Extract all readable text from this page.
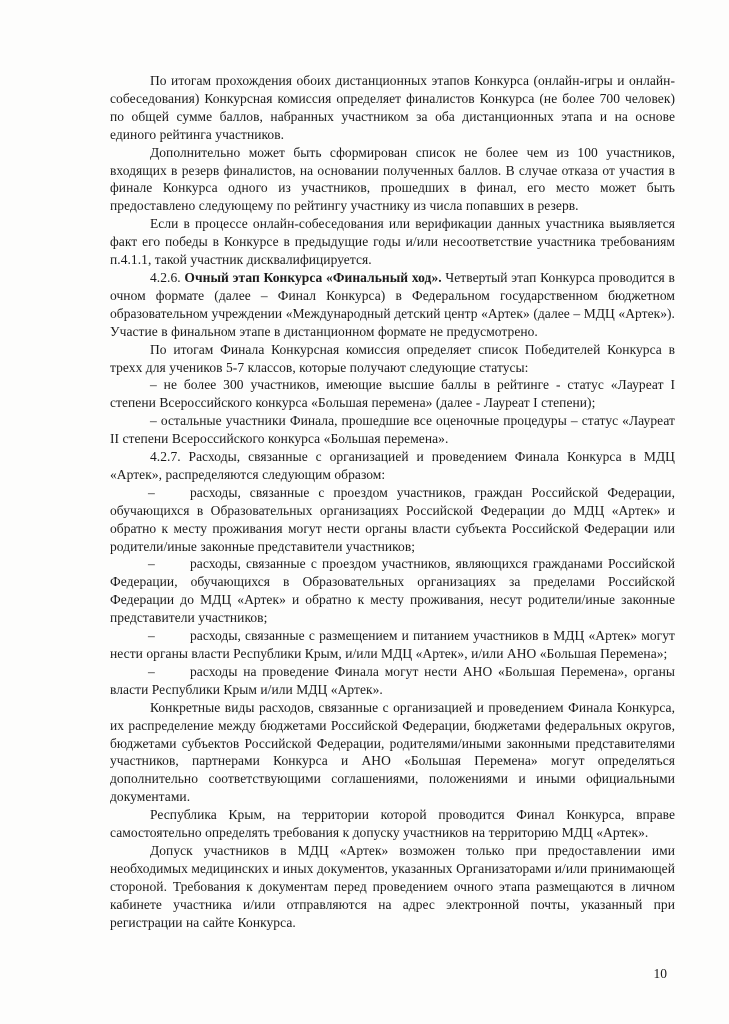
По итогам прохождения обоих дистанционных этапов Конкурса (онлайн-игры и онлайн-собеседования) Конкурсная комиссия определяет финалистов Конкурса (не более 700 человек) по общей сумме баллов, набранных участником за оба дистанционных этапа и на основе единого рейтинга участников.

Дополнительно может быть сформирован список не более чем из 100 участников, входящих в резерв финалистов, на основании полученных баллов. В случае отказа от участия в финале Конкурса одного из участников, прошедших в финал, его место может быть предоставлено следующему по рейтингу участнику из числа попавших в резерв.

Если в процессе онлайн-собеседования или верификации данных участника выявляется факт его победы в Конкурсе в предыдущие годы и/или несоответствие участника требованиям п.4.1.1, такой участник дисквалифицируется.

4.2.6. Очный этап Конкурса «Финальный ход». Четвертый этап Конкурса проводится в очном формате (далее – Финал Конкурса) в Федеральном государственном бюджетном образовательном учреждении «Международный детский центр «Артек» (далее – МДЦ «Артек»). Участие в финальном этапе в дистанционном формате не предусмотрено.

По итогам Финала Конкурсная комиссия определяет список Победителей Конкурса в трехх для учеников 5-7 классов, которые получают следующие статусы:

– не более 300 участников, имеющие высшие баллы в рейтинге - статус «Лауреат I степени Всероссийского конкурса «Большая перемена» (далее - Лауреат I степени);

– остальные участники Финала, прошедшие все оценочные процедуры – статус «Лауреат II степени Всероссийского конкурса «Большая перемена».

4.2.7. Расходы, связанные с организацией и проведением Финала Конкурса в МДЦ «Артек», распределяются следующим образом:

–	расходы, связанные с проездом участников, граждан Российской Федерации, обучающихся в Образовательных организациях Российской Федерации до МДЦ «Артек» и обратно к месту проживания могут нести органы власти субъекта Российской Федерации или родители/иные законные представители участников;

–	расходы, связанные с проездом участников, являющихся гражданами Российской Федерации, обучающихся в Образовательных организациях за пределами Российской Федерации до МДЦ «Артек» и обратно к месту проживания, несут родители/иные законные представители участников;

–	расходы, связанные с размещением и питанием участников в МДЦ «Артек» могут нести органы власти Республики Крым, и/или МДЦ «Артек», и/или АНО «Большая Перемена»;

–	расходы на проведение Финала могут нести АНО «Большая Перемена», органы власти Республики Крым и/или МДЦ «Артек».

Конкретные виды расходов, связанные с организацией и проведением Финала Конкурса, их распределение между бюджетами Российской Федерации, бюджетами федеральных округов, бюджетами субъектов Российской Федерации, родителями/иными законными представителями участников, партнерами Конкурса и АНО «Большая Перемена» могут определяться дополнительно соответствующими соглашениями, положениями и иными официальными документами.

Республика Крым, на территории которой проводится Финал Конкурса, вправе самостоятельно определять требования к допуску участников на территорию МДЦ «Артек».

Допуск участников в МДЦ «Артек» возможен только при предоставлении ими необходимых медицинских и иных документов, указанных Организаторами и/или принимающей стороной. Требования к документам перед проведением очного этапа размещаются в личном кабинете участника и/или отправляются на адрес электронной почты, указанный при регистрации на сайте Конкурса.

10
